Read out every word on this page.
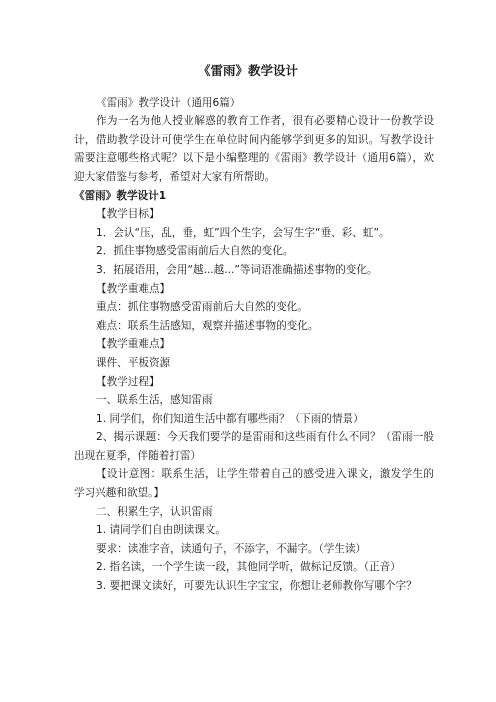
《雷雨》教学设计

《雷雨》教学设计（通用6篇）

作为一名为他人授业解惑的教育工作者，很有必要精心设计一份教学设计，借助教学设计可使学生在单位时间内能够学到更多的知识。写教学设计需要注意哪些格式呢？以下是小编整理的《雷雨》教学设计（通用6篇），欢迎大家借鉴与参考，希望对大家有所帮助。

《雷雨》教学设计1

【教学目标】

1．会认“压，乱，垂，虹”四个生字，会写生字“垂、彩、虹”。

2．抓住事物感受雷雨前后大自然的变化。

3．拓展语用，会用“越...越...”等词语准确描述事物的变化。

【教学重难点】

重点：抓住事物感受雷雨前后大自然的变化。

难点：联系生活感知，观察并描述事物的变化。

【教学重难点】

课件、平板资源

【教学过程】

一、联系生活，感知雷雨

1. 同学们，你们知道生活中都有哪些雨？（下雨的情景）

2、揭示课题：今天我们要学的是雷雨和这些雨有什么不同？（雷雨一般出现在夏季，伴随着打雷）

【设计意图：联系生活，让学生带着自己的感受进入课文，激发学生的学习兴趣和欲望。】

二、积累生字，认识雷雨

1. 请同学们自由朗读课文。

要求：读准字音，读通句子，不添字，不漏字。（学生读）

2. 指名读，一个学生读一段，其他同学听，做标记反馈。（正音）

3. 要把课文读好，可要先认识生字宝宝，你想让老师教你写哪个字？
